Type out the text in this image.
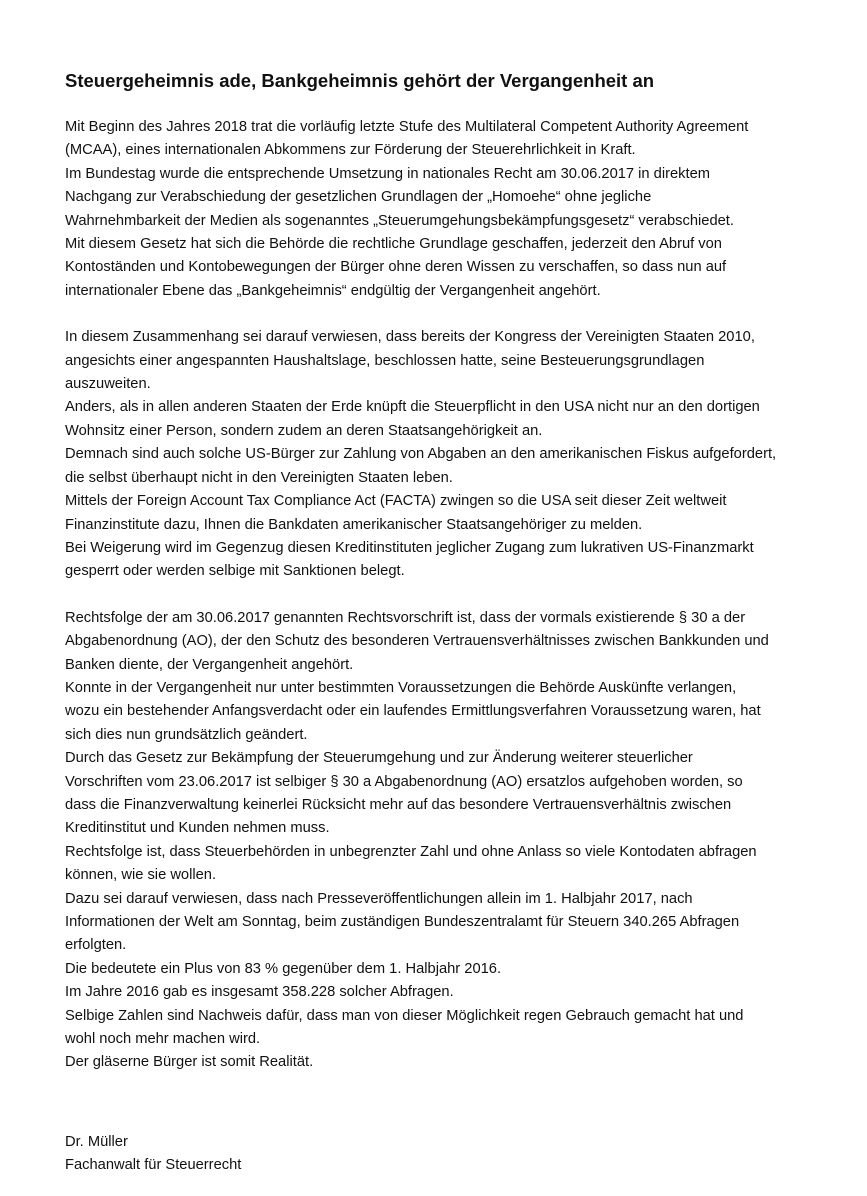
Steuergeheimnis ade, Bankgeheimnis gehört der Vergangenheit an
Mit Beginn des Jahres 2018 trat die vorläufig letzte Stufe des Multilateral Competent Authority Agreement
(MCAA), eines internationalen Abkommens zur Förderung der Steuerehrlichkeit in Kraft.
Im Bundestag wurde die entsprechende Umsetzung in nationales Recht am 30.06.2017 in direktem
Nachgang zur Verabschiedung der gesetzlichen Grundlagen der „Homoehe“ ohne jegliche
Wahrnehmbarkeit der Medien als sogenanntes „Steuerumgehungsbekämpfungsgesetz“ verabschiedet.
Mit diesem Gesetz hat sich die Behörde die rechtliche Grundlage geschaffen, jederzeit den Abruf von
Kontoständen und Kontobewegungen der Bürger ohne deren Wissen zu verschaffen, so dass nun auf
internationaler Ebene das „Bankgeheimnis“ endgültig der Vergangenheit angehört.
In diesem Zusammenhang sei darauf verwiesen, dass bereits der Kongress der Vereinigten Staaten 2010,
angesichts einer angespannten Haushaltslage, beschlossen hatte, seine Besteuerungsgrundlagen
auszuweiten.
Anders, als in allen anderen Staaten der Erde knüpft die Steuerpflicht in den USA nicht nur an den dortigen
Wohnsitz einer Person, sondern zudem an deren Staatsangehörigkeit an.
Demnach sind auch solche US-Bürger zur Zahlung von Abgaben an den amerikanischen Fiskus aufgefordert,
die selbst überhaupt nicht in den Vereinigten Staaten leben.
Mittels der Foreign Account Tax Compliance Act (FACTA) zwingen so die USA seit dieser Zeit weltweit
Finanzinstitute dazu, Ihnen die Bankdaten amerikanischer Staatsangehöriger zu melden.
Bei Weigerung wird im Gegenzug diesen Kreditinstituten jeglicher Zugang zum lukrativen US-Finanzmarkt
gesperrt oder werden selbige mit Sanktionen belegt.
Rechtsfolge der am 30.06.2017 genannten Rechtsvorschrift ist, dass der vormals existierende § 30 a der
Abgabenordnung (AO), der den Schutz des besonderen Vertrauensverhältnisses zwischen Bankkunden und
Banken diente, der Vergangenheit angehört.
Konnte in der Vergangenheit nur unter bestimmten Voraussetzungen die Behörde Auskünfte verlangen,
wozu ein bestehender Anfangsverdacht oder ein laufendes Ermittlungsverfahren Voraussetzung waren, hat
sich dies nun grundsätzlich geändert.
Durch das Gesetz zur Bekämpfung der Steuerumgehung und zur Änderung weiterer steuerlicher
Vorschriften vom 23.06.2017 ist selbiger § 30 a Abgabenordnung (AO) ersatzlos aufgehoben worden, so
dass die Finanzverwaltung keinerlei Rücksicht mehr auf das besondere Vertrauensverhältnis zwischen
Kreditinstitut und Kunden nehmen muss.
Rechtsfolge ist, dass Steuerbehörden in unbegrenzter Zahl und ohne Anlass so viele Kontodaten abfragen
können, wie sie wollen.
Dazu sei darauf verwiesen, dass nach Presseveröffentlichungen allein im 1. Halbjahr 2017, nach
Informationen der Welt am Sonntag, beim zuständigen Bundeszentralamt für Steuern 340.265 Abfragen
erfolgten.
Die bedeutete ein Plus von 83 % gegenüber dem 1. Halbjahr 2016.
Im Jahre 2016 gab es insgesamt 358.228 solcher Abfragen.
Selbige Zahlen sind Nachweis dafür, dass man von dieser Möglichkeit regen Gebrauch gemacht hat und
wohl noch mehr machen wird.
Der gläserne Bürger ist somit Realität.
Dr. Müller
Fachanwalt für Steuerrecht
